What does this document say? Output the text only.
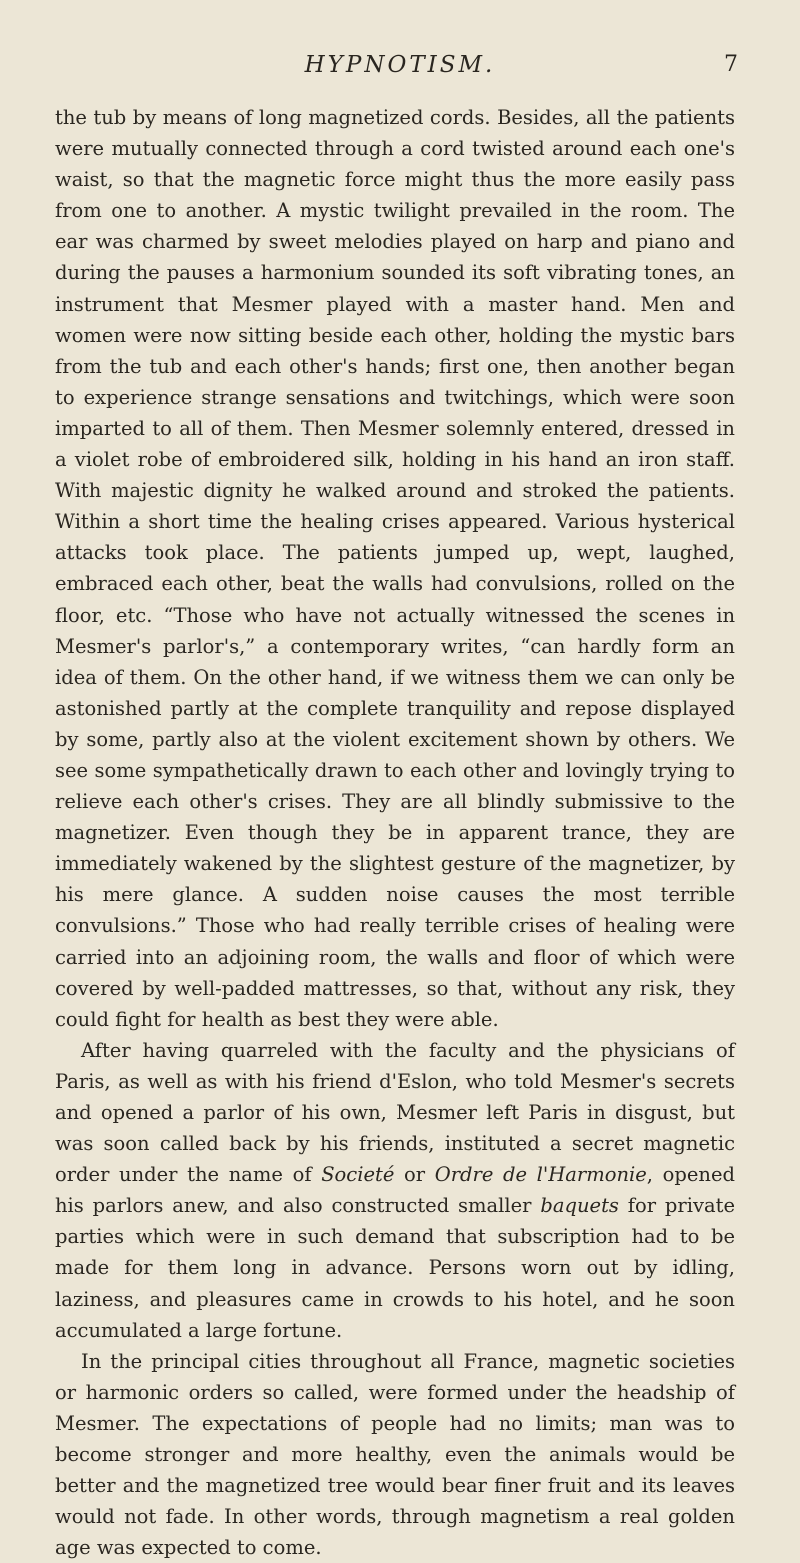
HYPNOTISM.	7

the tub by means of long magnetized cords. Besides, all the patients were mutually connected through a cord twisted around each one's waist, so that the magnetic force might thus the more easily pass from one to another. A mystic twilight prevailed in the room. The ear was charmed by sweet melodies played on harp and piano and during the pauses a harmonium sounded its soft vibrating tones, an instrument that Mesmer played with a master hand. Men and women were now sitting beside each other, holding the mystic bars from the tub and each other's hands; first one, then another began to experience strange sensations and twitchings, which were soon imparted to all of them. Then Mesmer solemnly entered, dressed in a violet robe of embroidered silk, holding in his hand an iron staff. With majestic dignity he walked around and stroked the patients. Within a short time the healing crises appeared. Various hysterical attacks took place. The patients jumped up, wept, laughed, embraced each other, beat the walls had convulsions, rolled on the floor, etc. “Those who have not actually witnessed the scenes in Mesmer's parlor's,” a contemporary writes, “can hardly form an idea of them. On the other hand, if we witness them we can only be astonished partly at the complete tranquility and repose displayed by some, partly also at the violent excitement shown by others. We see some sympathetically drawn to each other and lovingly trying to relieve each other's crises. They are all blindly submissive to the magnetizer. Even though they be in apparent trance, they are immediately wakened by the slightest gesture of the magnetizer, by his mere glance. A sudden noise causes the most terrible convulsions.” Those who had really terrible crises of healing were carried into an adjoining room, the walls and floor of which were covered by well-padded mattresses, so that, without any risk, they could fight for health as best they were able.

After having quarreled with the faculty and the physicians of Paris, as well as with his friend d'Eslon, who told Mesmer's secrets and opened a parlor of his own, Mesmer left Paris in disgust, but was soon called back by his friends, instituted a secret magnetic order under the name of Societé or Ordre de l'Harmonie, opened his parlors anew, and also constructed smaller baquets for private parties which were in such demand that subscription had to be made for them long in advance. Persons worn out by idling, laziness, and pleasures came in crowds to his hotel, and he soon accumulated a large fortune.

In the principal cities throughout all France, magnetic societies or harmonic orders so called, were formed under the headship of Mesmer. The expectations of people had no limits; man was to become stronger and more healthy, even the animals would be better and the magnetized tree would bear finer fruit and its leaves would not fade. In other words, through magnetism a real golden age was expected to come.
